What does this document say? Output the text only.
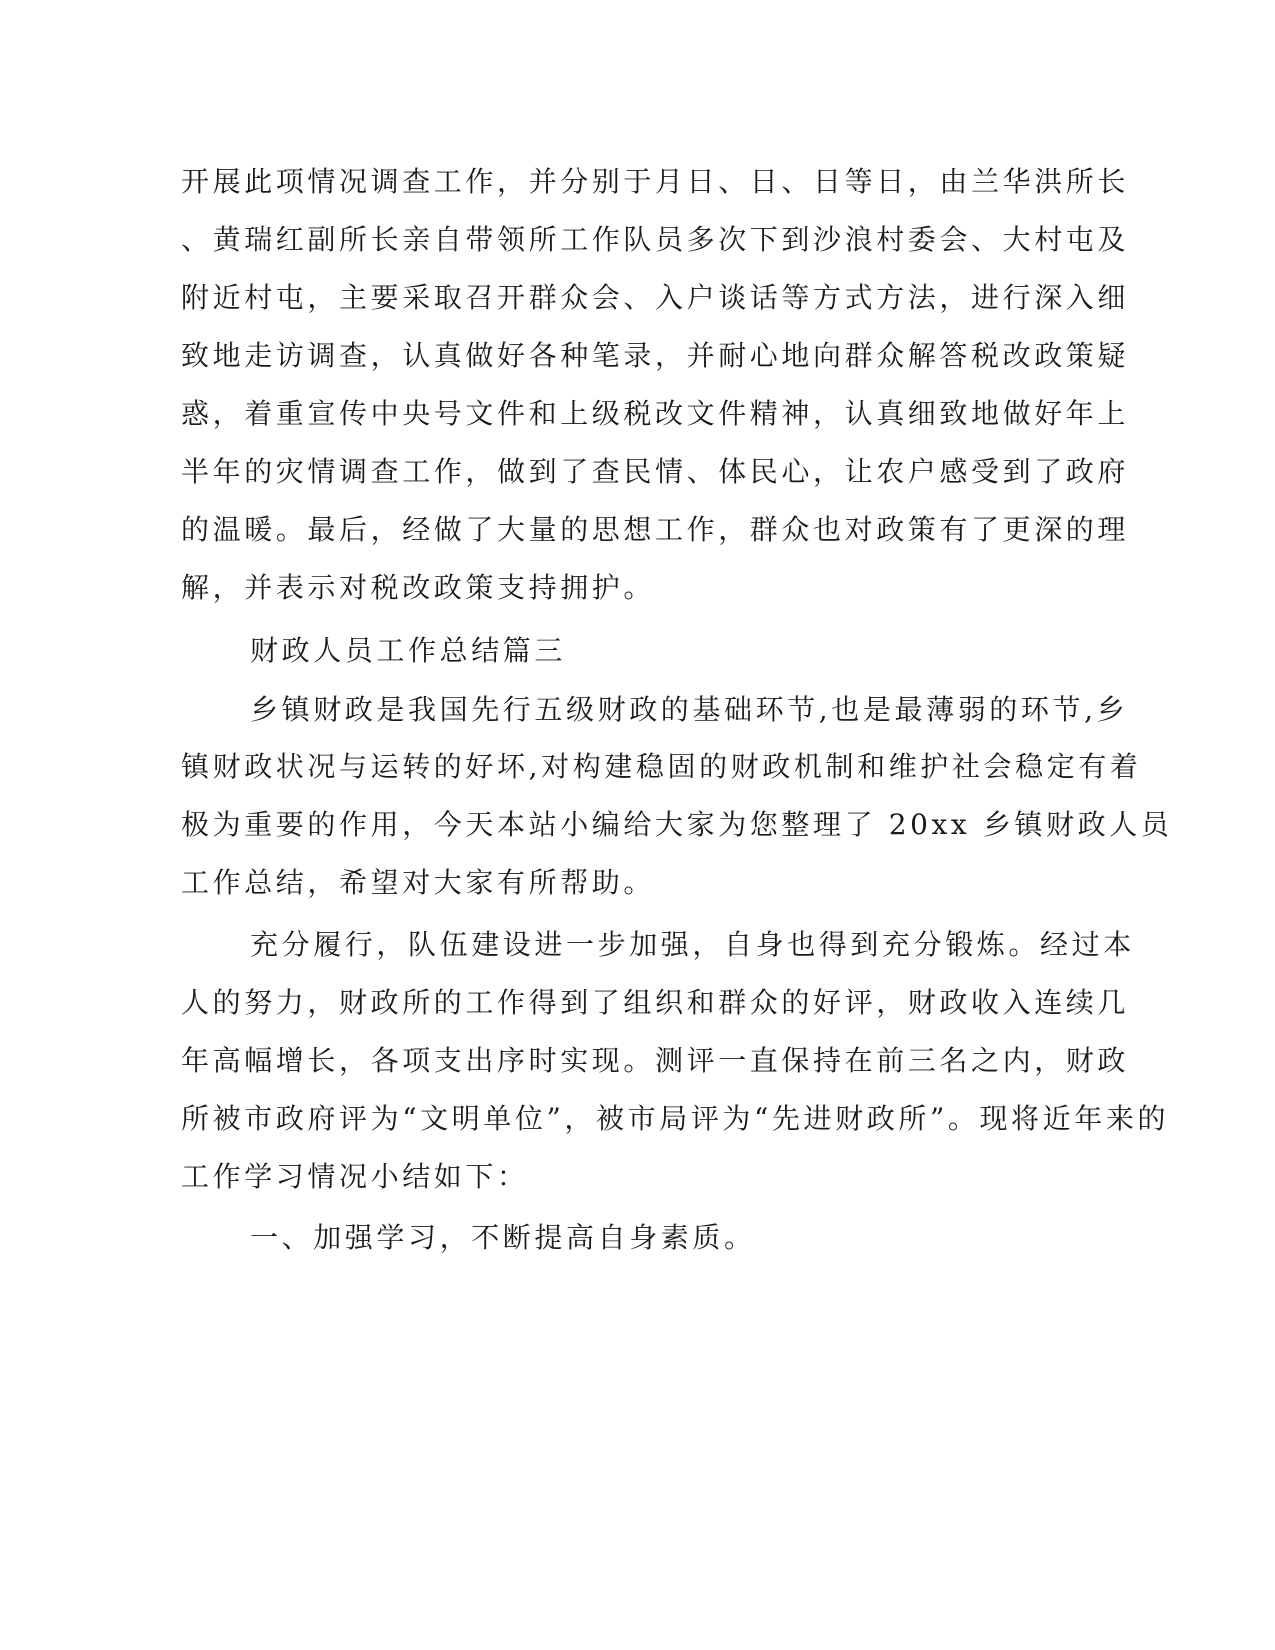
开展此项情况调查工作，并分别于月日、日、日等日，由兰华洪所长
、黄瑞红副所长亲自带领所工作队员多次下到沙浪村委会、大村屯及
附近村屯，主要采取召开群众会、入户谈话等方式方法，进行深入细
致地走访调查，认真做好各种笔录，并耐心地向群众解答税改政策疑
惑，着重宣传中央号文件和上级税改文件精神，认真细致地做好年上
半年的灾情调查工作，做到了查民情、体民心，让农户感受到了政府
的温暖。最后，经做了大量的思想工作，群众也对政策有了更深的理
解，并表示对税改政策支持拥护。
财政人员工作总结篇三
乡镇财政是我国先行五级财政的基础环节,也是最薄弱的环节,乡
镇财政状况与运转的好坏,对构建稳固的财政机制和维护社会稳定有着
极为重要的作用，今天本站小编给大家为您整理了 20xx 乡镇财政人员
工作总结，希望对大家有所帮助。
充分履行，队伍建设进一步加强，自身也得到充分锻炼。经过本
人的努力，财政所的工作得到了组织和群众的好评，财政收入连续几
年高幅增长，各项支出序时实现。测评一直保持在前三名之内，财政
所被市政府评为“文明单位”，被市局评为“先进财政所”。现将近年来的
工作学习情况小结如下：
一、加强学习，不断提高自身素质。
